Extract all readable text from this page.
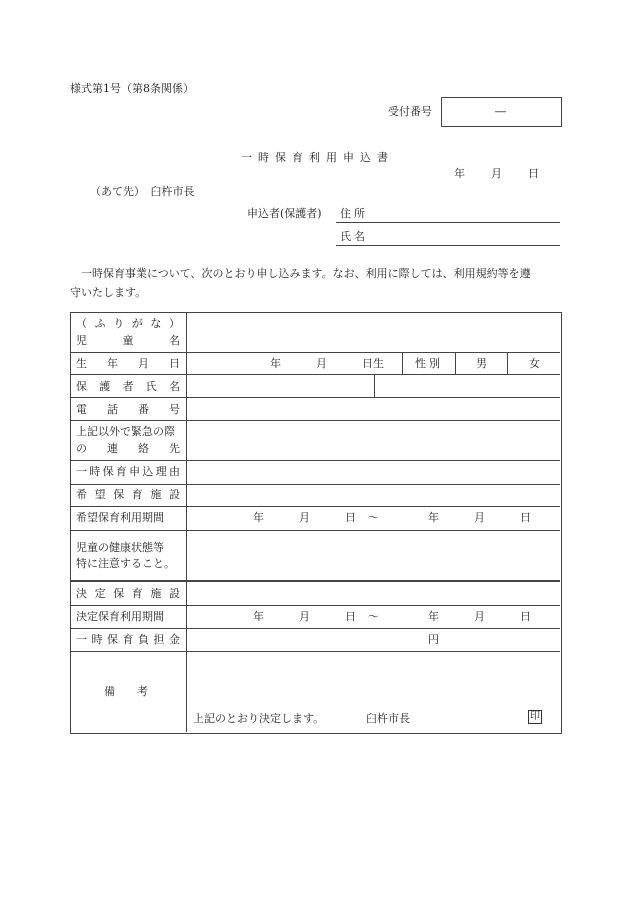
様式第1号（第8条関係）
受付番号	―
一時保育利用申込書
年 月 日
（あて先）　臼杵市長
申込者(保護者) 住所
氏名
一時保育事業について、次のとおり申し込みます。なお、利用に際しては、利用規約等を遵
守いたします。
（ ふ り が な ）
児	童	名
生 年 月 日	年	月	日生	性別	男	女
保 護 者 氏 名
電 話 番 号
上記以外で緊急の際
の 連 絡 先
一 時 保 育 申 込 理 由
希 望 保 育 施 設
希望保育利用期間	年	月	日 ～	年	月	日
児童の健康状態等
特に注意すること。
決 定 保 育 施 設
決定保育利用期間	年	月	日 ～	年	月	日
一 時 保 育 負 担 金	円
備考
上記のとおり決定します。	臼杵市長	印
